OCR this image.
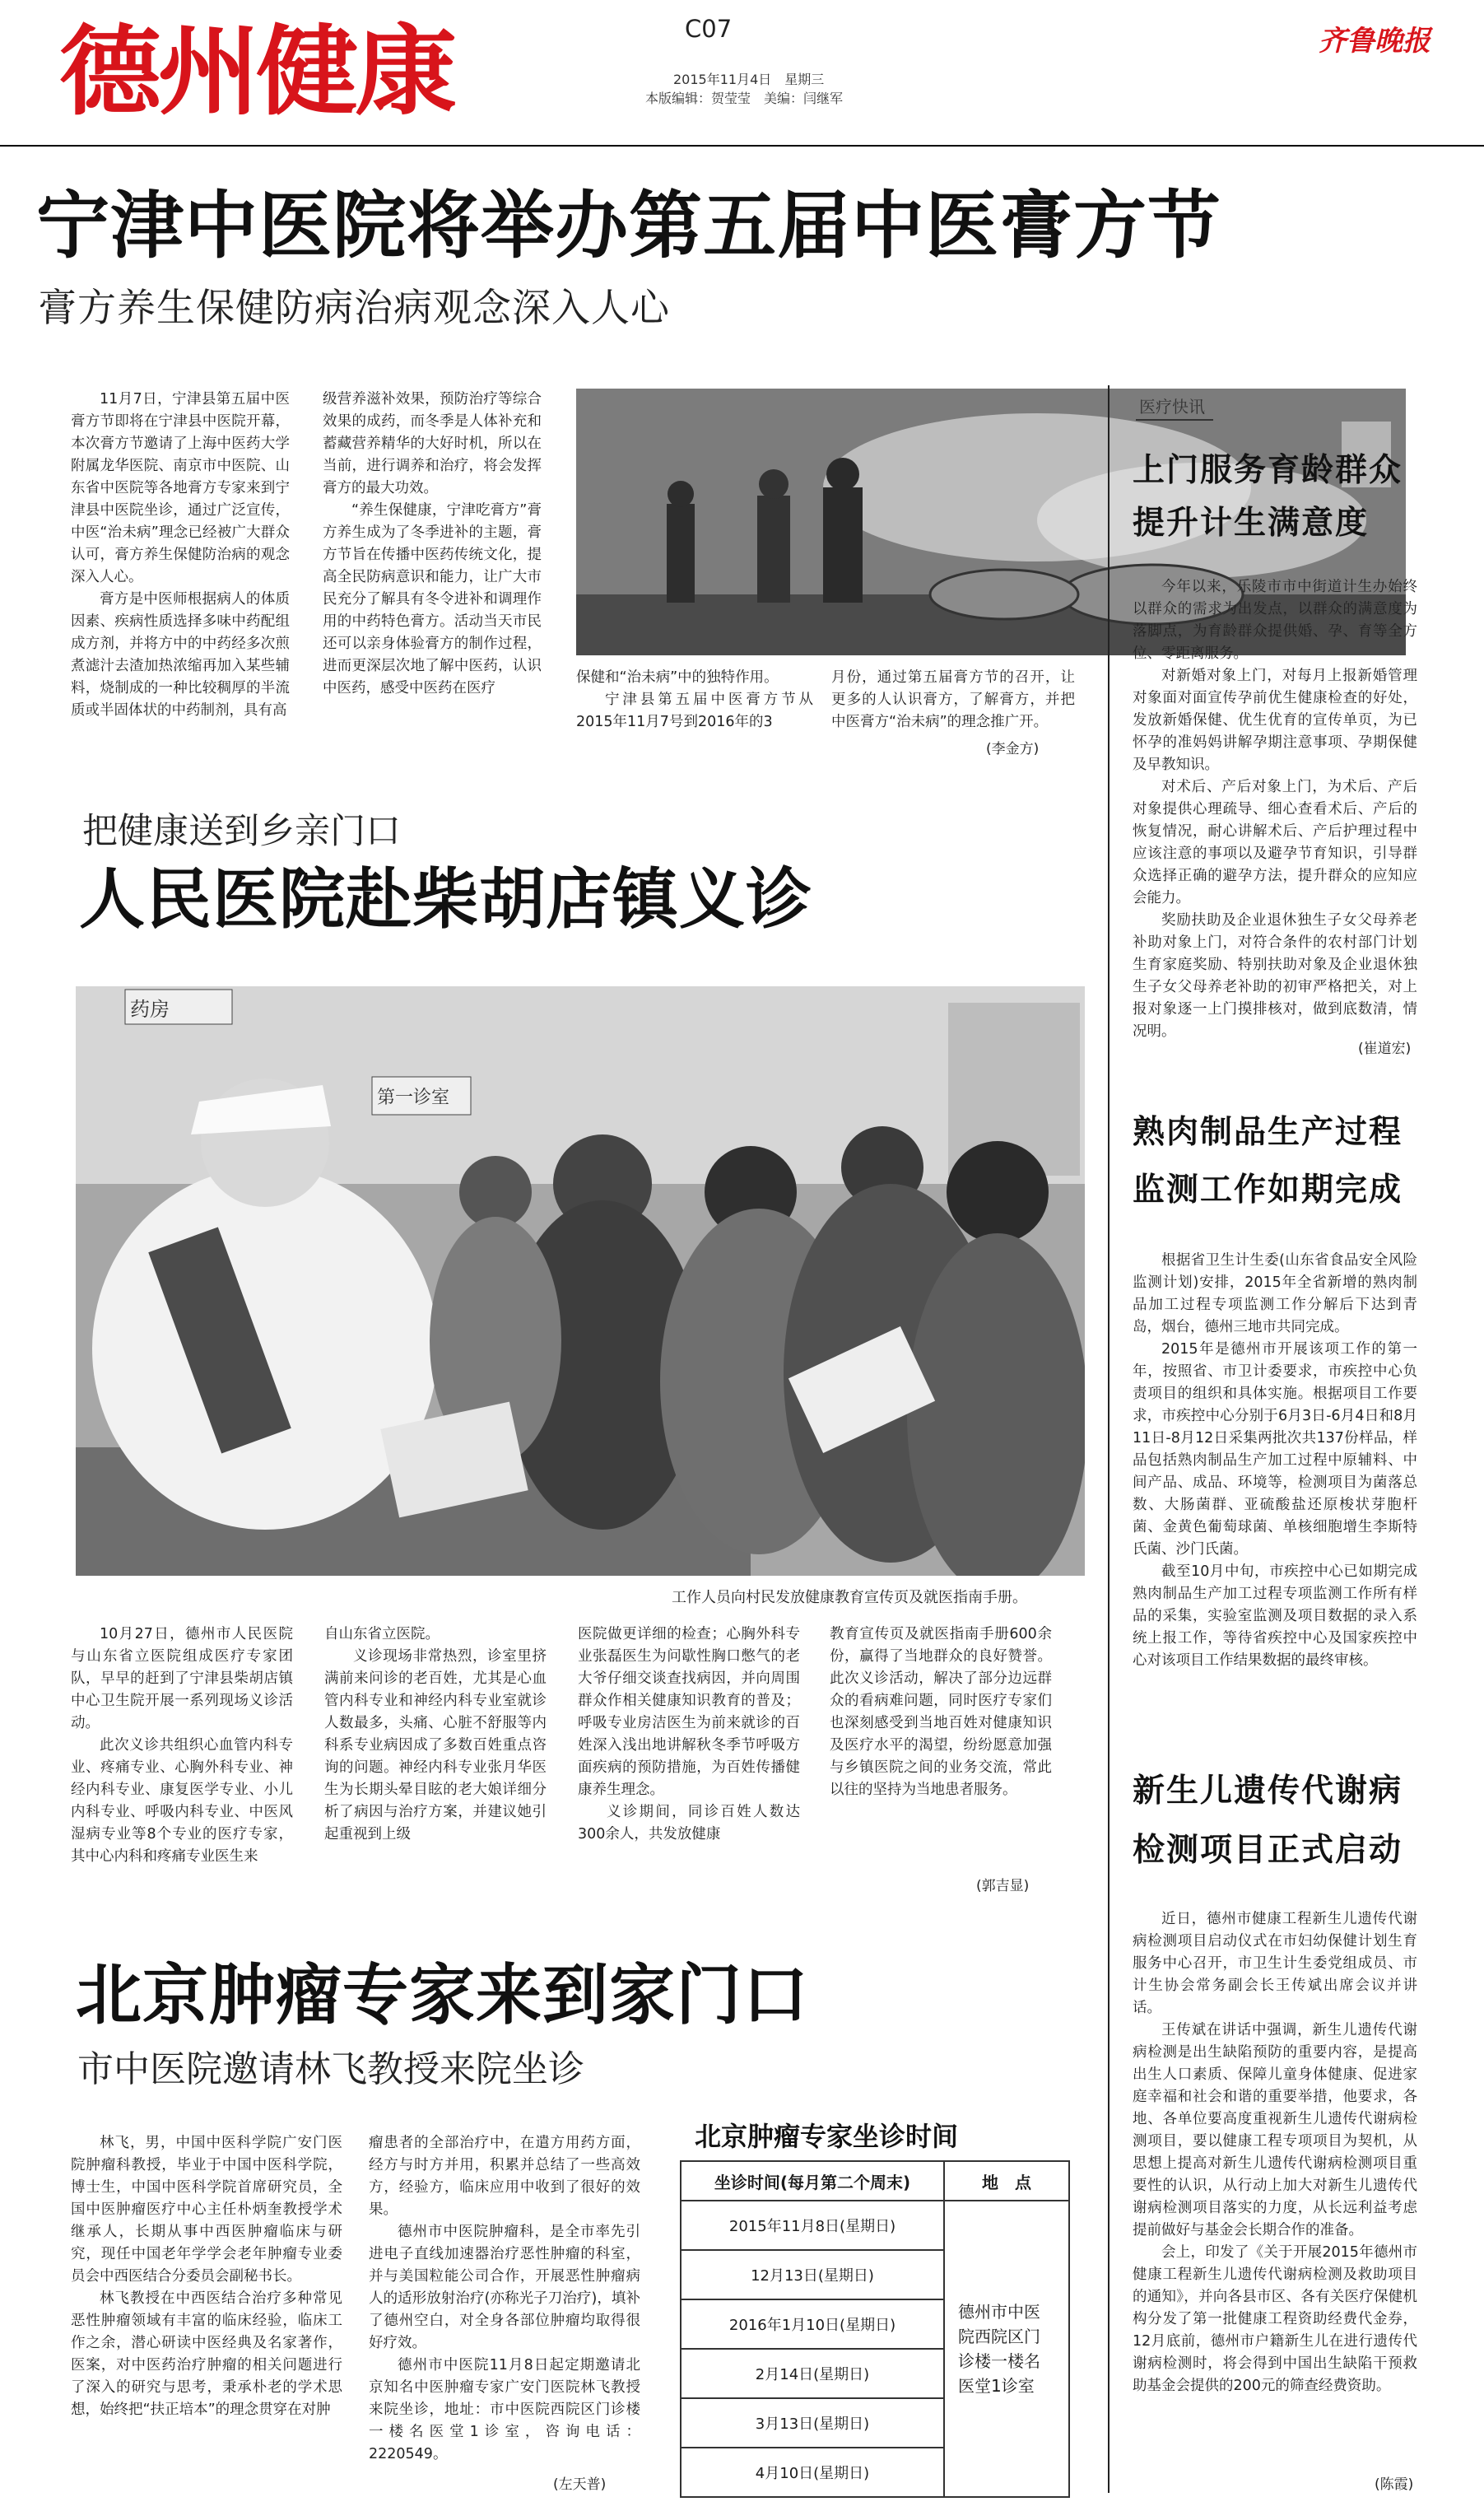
德州健康	C07
2015年11月4日　星期三
本版编辑：贺莹莹　美编：闫继军
齐鲁晚报
宁津中医院将举办第五届中医膏方节
膏方养生保健防病治病观念深入人心

11月7日，宁津县第五届中医膏方节即将在宁津县中医院开幕，本次膏方节邀请了上海中医药大学附属龙华医院、南京市中医院、山东省中医院等各地膏方专家来到宁津县中医院坐诊，通过广泛宣传，中医“治未病”理念已经被广大群众认可，膏方养生保健防治病的观念深入人心。

膏方是中医师根据病人的体质因素、疾病性质选择多味中药配组成方剂，并将方中的中药经多次煎煮滤汁去渣加热浓缩再加入某些辅料，烧制成的一种比较稠厚的半流质或半固体状的中药制剂，具有高

级营养滋补效果，预防治疗等综合效果的成药，而冬季是人体补充和蓄藏营养精华的大好时机，所以在当前，进行调养和治疗，将会发挥膏方的最大功效。

“养生保健康，宁津吃膏方”膏方养生成为了冬季进补的主题，膏方节旨在传播中医药传统文化，提高全民防病意识和能力，让广大市民充分了解具有冬令进补和调理作用的中药特色膏方。活动当天市民还可以亲身体验膏方的制作过程，进而更深层次地了解中医药，认识中医药，感受中医药在医疗

保健和“治未病”中的独特作用。

宁津县第五届中医膏方节从2015年11月7号到2016年的3

月份，通过第五届膏方节的召开，让更多的人认识膏方，了解膏方，并把中医膏方“治未病”的理念推广开。

(李金方)
把健康送到乡亲门口
人民医院赴柴胡店镇义诊
药房
第一诊室
工作人员向村民发放健康教育宣传页及就医指南手册。

10月27日，德州市人民医院与山东省立医院组成医疗专家团队，早早的赶到了宁津县柴胡店镇中心卫生院开展一系列现场义诊活动。

此次义诊共组织心血管内科专业、疼痛专业、心胸外科专业、神经内科专业、康复医学专业、小儿内科专业、呼吸内科专业、中医风湿病专业等8个专业的医疗专家，其中心内科和疼痛专业医生来

自山东省立医院。

义诊现场非常热烈，诊室里挤满前来问诊的老百姓，尤其是心血管内科专业和神经内科专业室就诊人数最多，头痛、心脏不舒服等内科系专业病因成了多数百姓重点咨询的问题。神经内科专业张月华医生为长期头晕目眩的老大娘详细分析了病因与治疗方案，并建议她引起重视到上级

医院做更详细的检查；心胸外科专业张磊医生为问歇性胸口憋气的老大爷仔细交谈查找病因，并向周围群众作相关健康知识教育的普及；呼吸专业房洁医生为前来就诊的百姓深入浅出地讲解秋冬季节呼吸方面疾病的预防措施，为百姓传播健康养生理念。

义诊期间，同诊百姓人数达300余人，共发放健康

教育宣传页及就医指南手册600余份，赢得了当地群众的良好赞誉。此次义诊活动，解决了部分边远群众的看病难问题，同时医疗专家们也深刻感受到当地百姓对健康知识及医疗水平的渴望，纷纷愿意加强与乡镇医院之间的业务交流，常此以往的坚持为当地患者服务。

(郭吉显)
北京肿瘤专家来到家门口
市中医院邀请林飞教授来院坐诊

林飞，男，中国中医科学院广安门医院肿瘤科教授，毕业于中国中医科学院，博士生，中国中医科学院首席研究员，全国中医肿瘤医疗中心主任朴炳奎教授学术继承人，长期从事中西医肿瘤临床与研究，现任中国老年学学会老年肿瘤专业委员会中西医结合分委员会副秘书长。

林飞教授在中西医结合治疗多种常见恶性肿瘤领域有丰富的临床经验，临床工作之余，潜心研读中医经典及名家著作，医案，对中医药治疗肿瘤的相关问题进行了深入的研究与思考，秉承朴老的学术思想，始终把“扶正培本”的理念贯穿在对肿

瘤患者的全部治疗中，在遣方用药方面，经方与时方并用，积累并总结了一些高效方，经验方，临床应用中收到了很好的效果。

德州市中医院肿瘤科，是全市率先引进电子直线加速器治疗恶性肿瘤的科室，并与美国粒能公司合作，开展恶性肿瘤病人的适形放射治疗(亦称光子刀治疗)，填补了德州空白，对全身各部位肿瘤均取得很好疗效。

德州市中医院11月8日起定期邀请北京知名中医肿瘤专家广安门医院林飞教授来院坐诊，地址：市中医院西院区门诊楼一楼名医堂1诊室，咨询电话：2220549。

(左天普)
北京肿瘤专家坐诊时间
坐诊时间(每月第二个周末)	地　点
2015年11月8日(星期日)	德州市中医院西院区门诊楼一楼名医堂1诊室
12月13日(星期日)	
2016年1月10日(星期日)	
2月14日(星期日)	
3月13日(星期日)	
4月10日(星期日)	
医疗快讯
上门服务育龄群众
提升计生满意度

今年以来，乐陵市市中街道计生办始终以群众的需求为出发点，以群众的满意度为落脚点，为育龄群众提供婚、孕、育等全方位、零距离服务。

对新婚对象上门，对每月上报新婚管理对象面对面宣传孕前优生健康检查的好处，发放新婚保健、优生优育的宣传单页，为已怀孕的准妈妈讲解孕期注意事项、孕期保健及早教知识。

对术后、产后对象上门，为术后、产后对象提供心理疏导、细心查看术后、产后的恢复情况，耐心讲解术后、产后护理过程中应该注意的事项以及避孕节育知识，引导群众选择正确的避孕方法，提升群众的应知应会能力。

奖励扶助及企业退休独生子女父母养老补助对象上门，对符合条件的农村部门计划生育家庭奖励、特别扶助对象及企业退休独生子女父母养老补助的初审严格把关，对上报对象逐一上门摸排核对，做到底数清，情况明。

(崔道宏)
熟肉制品生产过程
监测工作如期完成

根据省卫生计生委(山东省食品安全风险监测计划)安排，2015年全省新增的熟肉制品加工过程专项监测工作分解后下达到青岛，烟台，德州三地市共同完成。

2015年是德州市开展该项工作的第一年，按照省、市卫计委要求，市疾控中心负责项目的组织和具体实施。根据项目工作要求，市疾控中心分别于6月3日-6月4日和8月11日-8月12日采集两批次共137份样品，样品包括熟肉制品生产加工过程中原辅料、中间产品、成品、环境等，检测项目为菌落总数、大肠菌群、亚硫酸盐还原梭状芽胞杆菌、金黄色葡萄球菌、单核细胞增生李斯特氏菌、沙门氏菌。

截至10月中旬，市疾控中心已如期完成熟肉制品生产加工过程专项监测工作所有样品的采集，实验室监测及项目数据的录入系统上报工作，等待省疾控中心及国家疾控中心对该项目工作结果数据的最终审核。

新生儿遗传代谢病
检测项目正式启动

近日，德州市健康工程新生儿遗传代谢病检测项目启动仪式在市妇幼保健计划生育服务中心召开，市卫生计生委党组成员、市计生协会常务副会长王传斌出席会议并讲话。

王传斌在讲话中强调，新生儿遗传代谢病检测是出生缺陷预防的重要内容，是提高出生人口素质、保障儿童身体健康、促进家庭幸福和社会和谐的重要举措，他要求，各地、各单位要高度重视新生儿遗传代谢病检测项目，要以健康工程专项项目为契机，从思想上提高对新生儿遗传代谢病检测项目重要性的认识，从行动上加大对新生儿遗传代谢病检测项目落实的力度，从长远利益考虑提前做好与基金会长期合作的准备。

会上，印发了《关于开展2015年德州市健康工程新生儿遗传代谢病检测及救助项目的通知》，并向各县市区、各有关医疗保健机构分发了第一批健康工程资助经费代金券，12月底前，德州市户籍新生儿在进行遗传代谢病检测时，将会得到中国出生缺陷干预救助基金会提供的200元的筛查经费资助。

(陈霞)
